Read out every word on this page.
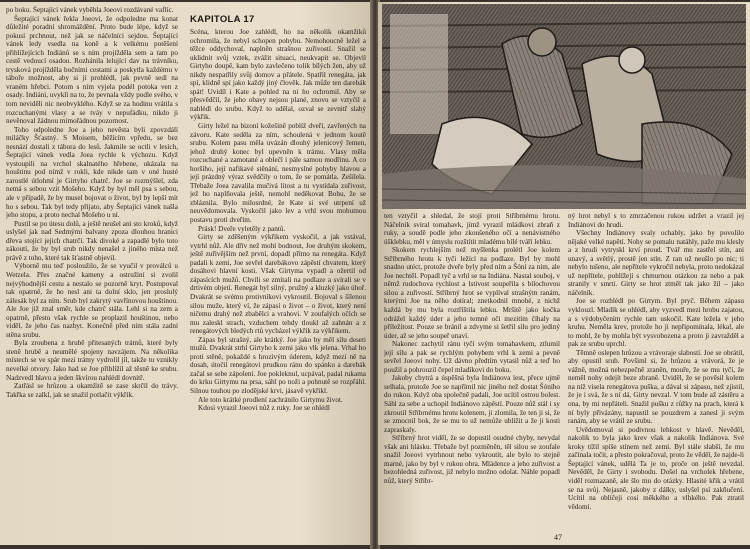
po boku. Šeptající vánek vyběhla Joeovi rozdávané vaflíc.

Šeptající vánek řekla Joeovi, že odpoledne ma konat důležité poradní shromáždění. Proto bude lépe, když se pokusí prchnout, než jak se náčelníci sejdou. Šeptající vánek ledy vsedla na koně a k velkému potěšení přihlížejících Indiánů se s ním projížděla sem a tam po cestě vedoucí osadou. Rozhánila lelující dav na trávníku, trysková projížděla bočními cestami a poskytla každému v táboře možnost, aby si jí prohlédl, jak pevně sedí na vraném hřebci. Potom s ním vyjela podél potoka ven z osady. Indiáni, uvyklí na to, že pevnala vždy podle svého, v tom neviděli nic neobvyklého. Když se za hodinu vrátila s rozcuchanými vlasy a se tváy v nepufádku, nikdo ji nevěnoval žádnou mimořádnou pozornost.

Toho odpoledne Joe a jeho nevěsta byli zpovzdálí miláčky Šťastný. S Moisem, běžícím vpředu, se bez nesnází dostali z tábora do lesů. Jakmile se octli v lesích, Šeptající vánek vedla Joea rychle k výchozu. Když vystoupili na vrchol skalnatého hřebene, ukázala na houštinu pod nímž v rokli, kde nikde tam v oné husté zarostlé útlohmí je Girtyho chatrč. Joe se rozmýšlel, zda nemá s sebou vzít Mošeho. Když by byl měl psa s sebou, ale v případě, že by musel bojovat o život, byl by lepší mít ho s sebou. Tak byl tedy přijato, aby Šeptající vánek našla jeho stopu, a proto nechal Mošeho u ní.

Pustil se po útesu dolů, a ještě neušel ani sto kroků, když uslyšel jak nad Sedmými balvany zpoza dlouhou hranici dřeva stojící jejich chatrčí. Tak divoké a zapadlé bylo toto zákoutí, že by byl srub nikdy nenašel z jiného místa než právě z toho, které tak šťastně objevil.

Výborně mu teď posloužilo, že se vyučil v proválců u Wetzela. Přes značné kameny a ostružiní si zvolil nejvýhodnější cestu a nestalo se pozorně kryt. Postupoval tak opatrně, že ho nesl ani ta dolní sklo, jen proslulý zálesák byl za ním. Srub byl zakrytý vavřínovou houštinou. Ale Joe již znal směr, kde chatrč stála. Lehl si na zem a opatrně, přesto však rychle se proplazil houštinou, nebo viděl, že jeho čas nazbyt. Konečně před ním stála zadní stěna srubu.

Byla zroubena z hrubě přitesaných trámů, které byly steně hrubě a neumělé spojeny navzájem. Na několika místech se ve spár mezi trámy vydrolil jíl, takže tu vznikly nevelké otvory. Jako had se Joe přiblížil až těsně ke srubu. Nadzvedl hlavu a jeden škvírou nahlédl dovnitř.

Zatřásl se hrůzou a okamžitě se zase skrčil do trávy. Takřka se zalkl, jak se snažil potlačit výkřik.

KAPITOLA 17

Scéna, kterou Joe zahlédl, ho na několik okamžiků ochromila, že nebyl schopen pohybu. Nemohoucně ležel a těžce oddychoval, naplněn strašnou zuřivostí. Snažil se uklidnit svůj vztek, zvážit situaci, neukvapit se. Objevil Girtyho doupě, kam bylo zavlečeno tolik bílých žen, aby už nikdy nespatřily svůj domov a přátele. Spatřil renegáta, jak spí, klidně spí jako každý jiný člověk. Jak může ten darebák spát! Uvidíl i Kate a pohled na ni ho ochromil. Aby se přesvědčil, že jeho obavy nejsou plané, znovu se vztyčil a nahlédl do srubu. Když to udělal, ozval se zevnitř slabý výkřik.

Girty ležel na bizoní kožešině poblíž dveří, zavřených na závoru. Kate seděla za ním, schoulená v jednom koutě srubu. Kolem pasu měla uvázán dlouhý jelenicový řemen, jehož druhý konec byl upevněn k trámu. Vlasy měla rozcuchané a zamotané a oblečí i pále samou modřinu. A co horšího, její nafikavé stěnání, nesmyslné pohyby hlavou a její prázdný výraz svědčily o tom, že se pomátla. Zešílela. Třebaže Joea zavalila mučivá lítost a tu vystídala zuřivost, jež ho naplňovala ještě, nemohl neděkovat Bohu, že se zbláznila. Bylo milosrdné, že Kate si své utrpení už neuvědomovala. Vyskočil jako lev a vrhl svou mohutnou postavu proti dveřím.

Prásk! Dveře vyletěly z pantů.

Girty se zděšeným výkřikem vyskočil, a jak vstával, vytrhl nůž. Ale dřív než mohl bodnout, Joe druhým skokem, ještě zuřivějším než první, dopadl přímo na renegáta. Když padali k zemi, Joe sevřel darebákovo zápěstí chvatem, který dosáhovi hlavní kosti. Však Girtyma vypadl a ožertil od zápasících mužů. Chvíli se zmítali na podlaze a svírali se v drtivém objetí. Renegát byl silný, pružný a kluzký jako úhoř. Dvakrát se svému protivníkovi vykroutil. Bojoval s šílenou silou muže, který ví, že zápasí o život – o život, který není ničemu drahý než zbabělci a vrahovi. V zoufalých očích se mu zaleskl strach, vzduchem tehdy tloukl až zahnán a z renegátových bledých rtů vycházel výkřik za výkřikem.

Zápas byl strašný, ale krátký. Joe jako by měl sílu deseti mužů. Dvakrát strhl Girtyho k zemi jako vlk jelena. Vrhal ho proti stěně, pokaždé s hrozivým úderem, když mezi ně na dosah, útočil renegátovi prudkou ránu do spánku a darebák začal se sebe zápolení. Joe pokleknul, ucpával, padal rukama do krku Girtymu na prsa, sáhl po noži a pohnutě se rozpřáhl. Silnou touhou po zlodějské krvi, jásavě vykřikl.

Ale toto krátké prodlení zachránilo Girtymu život.

Kdosi vyrazil Joeovi nůž z ruky. Joe se ohlédl

ten vztyčil a shledal, že stojí proti Stříbrnému hrotu. Náčelník svíral tomahavk, jímž vyrazil mládkovi zbraň z ruky, a soudě podle jeho zkoušeného očí a nenávistného úšklebku, měl v úmyslu rozštítit mladému bílé tváří lebku.

Skokem rychlejším než myšlenka prolétl Joe kolem Stříbrného hrotu k tyči ležící na podlaze. Byl by mohl snadno utéct, protože dveře byly před ním a Šóní za ním, ale Joe nechtěl. Popadl tyč a vrhl se na Indiána. Nastal souboj, v němž rudochova rychlost a lstivost soupeřila s bílochovou silou a zuřivostí. Stříbrný hrot se vyplíval strašným ranám, kterými Joe na něho dotíral; znetkodnil mnohé, z nichž každá by mu byla roztříštila lebku. Mršitě jako kočka odrážel každý úder a jeho temné oči mezitím číhaly na příležitost. Pouze se bránil a zdvyme si šetřil sílu pro jediný úder, až se jeho soupeř unaví.

Nakonec zachytil ránu tyčí svým tomahavkem, ztlumil její sílu a pak se rychlým pohybem vrhl k zemi a pevně sevřel Joeovi nohy. Už dávno předtím vytasil nůž a teď ho použil a pohrouzil čepel mladíkovi do boku.

Jakoby chytrá a úspěšná byla Indiánova lest, přece ujmě selhala, protože Joe se napřímil nic jiného než dostat Šóního do rukou. Když oba společně padali, Joe ucítil ostrou bolest. Sáhl za sebe a uchopil Indiánovo zápěstí. Pouze nůž stál i sy zkroutil Stříbrnému hrotu kolenem, ji zlomila, že ten ji si, že se zmocnil bok, že se mu to už nemůže ublížit a že ji kosti zapraskaly.

Stříbrný hrot viděl, že se dopustil osudné chyby, nevydal však ani hlásku. Třebaže byl pozměněn, těl silou se zoufale snažil Joeovi vytrhnout nebo vykroutit, ale bylo to stejně marné, jako by byl v rukou obra. Mládence a jeho zuřivost a bezohledná zuřivost, již nebylo možno odolat. Náhle popadl nůž, který Stříbr-

ný hrot nebyl s to zmrzačenou rukou udržet a vrazil jej Indiánovi do hrudi.

Všechny Indiánovy svaly ochably, jako by povolilo nějaké velké napětí. Nohy se pomalu natáhly, paže mu klesly a z hrudi vytryskl krví proud. Tvář mu zastřel stín, ani unavý, a světlý, prostě jen stín. Z ran už neušlo po nic; ti nebylo tušeno, ale nepřítele vykročil nebyla, proto nedokázal už nepřítele, pohlížejí s chmurnou otázkou za nebo a pak stranily v smrti. Girty se hrot ztměl tak jako žil – jako náčelník.

Joe se rozhlédl po Girtym. Byl pryč. Během zápasu vyklouzl. Mladík se ohlédl, aby vyzvedl mezi hrobu zajatou, a s výdobyčením rychle tam uskočil. Kate ležela v jeho kruhu. Neměla krev, protože ho ji nepřipomínala, lékal, ale to mohl, že by mohla být vysvobozena a proto ji zavražděl a pak ze srubu uprchl.

Těmně oslepen hrůzou a vrávoraje slabostí. Joe se obrátil, aby opustil srub. Povšiml si, že hrůzou a vrávorá, že je vážně, možná nebezpečně zraněn, mouře, že se mu tyčí, že neměl nohy odejít beze zbraně. Uviděl, že se pověsil kolem na níž visela renegátova puška, a dával si zápasu, než zjistil, že je i svá, že s ní dá, Girty nevzal. V tom bude až zástěru a ona, by mi nepřáteli. Snažil pušku z růžky na prach, která k ní byly přivázány, napustil se pouzdrem a zanesl ji svým ranám, aby se vrátil ze srubu.

Uvědomoval si podivnou lehkost v hlavě. Nevěděl, nakolik to byla jako krev však a nakolik Indiánova. Své kroky tížil spíše stínem než zemí. Byl stále slabší, že mu začínala točit, a přesto pokračoval, proto že věděl, že najde-li Šeptající vánek, udělá Ta je to, proče on ještě nevzdal. Nevěděl, že Girty i svobodu. Došel na vrcholek hřebene, viděl rozmazaně, ale šlo mu do otázky. Hlasité křik a vrátil se na svůj. Nejasně, jakoby z dálky, uslyšel psí zakňučení. Ucítil na obličeji cosi měkkého a vlhkého. Pak ztratil vědomí.

47
